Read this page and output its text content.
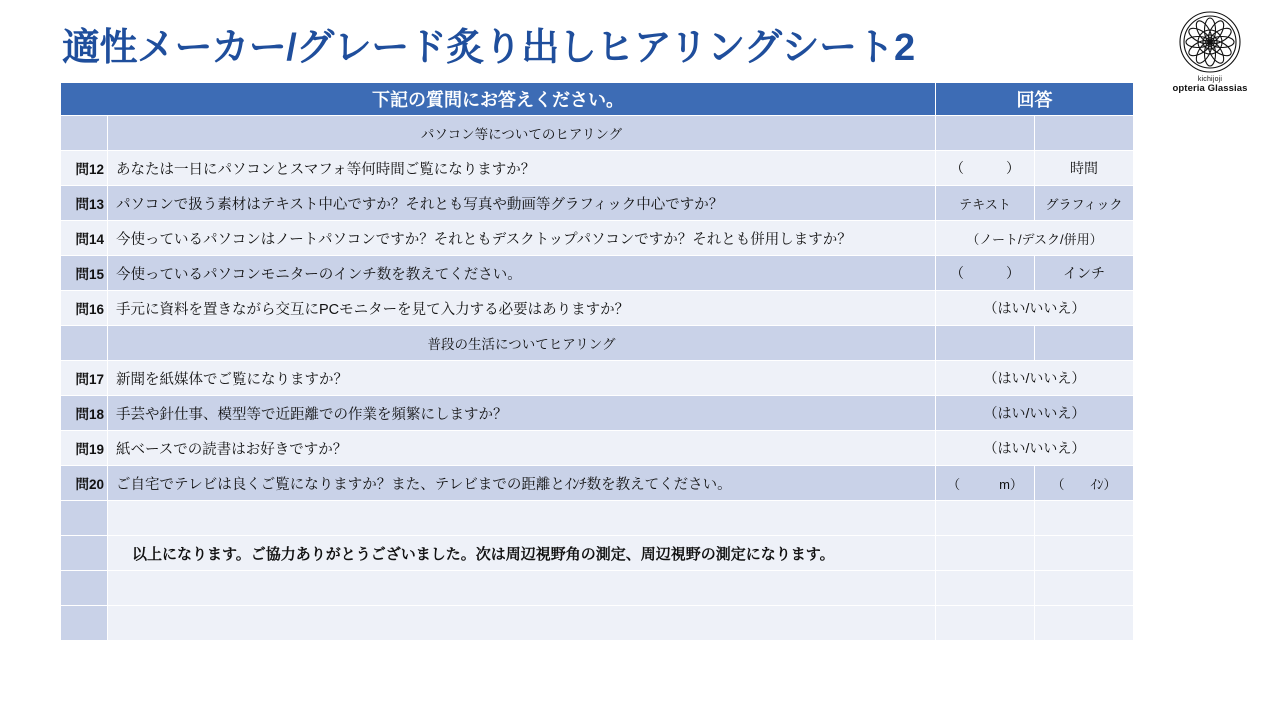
適性メーカー/グレード炙り出しヒアリングシート2
kichijoji
opteria Glassias
下記の質問にお答えください。		回答	
	パソコン等についてのヒアリング		
問12	あなたは一日にパソコンとスマフォ等何時間ご覧になりますか？	（　　　）	時間
問13	パソコンで扱う素材はテキスト中心ですか？それとも写真や動画等グラフィック中心ですか？	テキスト	グラフィック
問14	今使っているパソコンはノートパソコンですか？それともデスクトップパソコンですか？それとも併用しますか？	（ノート/デスク/併用）	
問15	今使っているパソコンモニターのインチ数を教えてください。	（　　　）	インチ
問16	手元に資料を置きながら交互にPCモニターを見て入力する必要はありますか？	（はい/いいえ）	
	普段の生活についてヒアリング		
問17	新聞を紙媒体でご覧になりますか？	（はい/いいえ）	
問18	手芸や針仕事、模型等で近距離での作業を頻繁にしますか？	（はい/いいえ）	
問19	紙ベースでの読書はお好きですか？	（はい/いいえ）	
問20	ご自宅でテレビは良くご覧になりますか？また、テレビまでの距離とｲﾝﾁ数を教えてください。	（　　　m）	（　　ｲﾝ）

	以上になります。ご協力ありがとうございました。次は周辺視野角の測定、周辺視野の測定になります。		
